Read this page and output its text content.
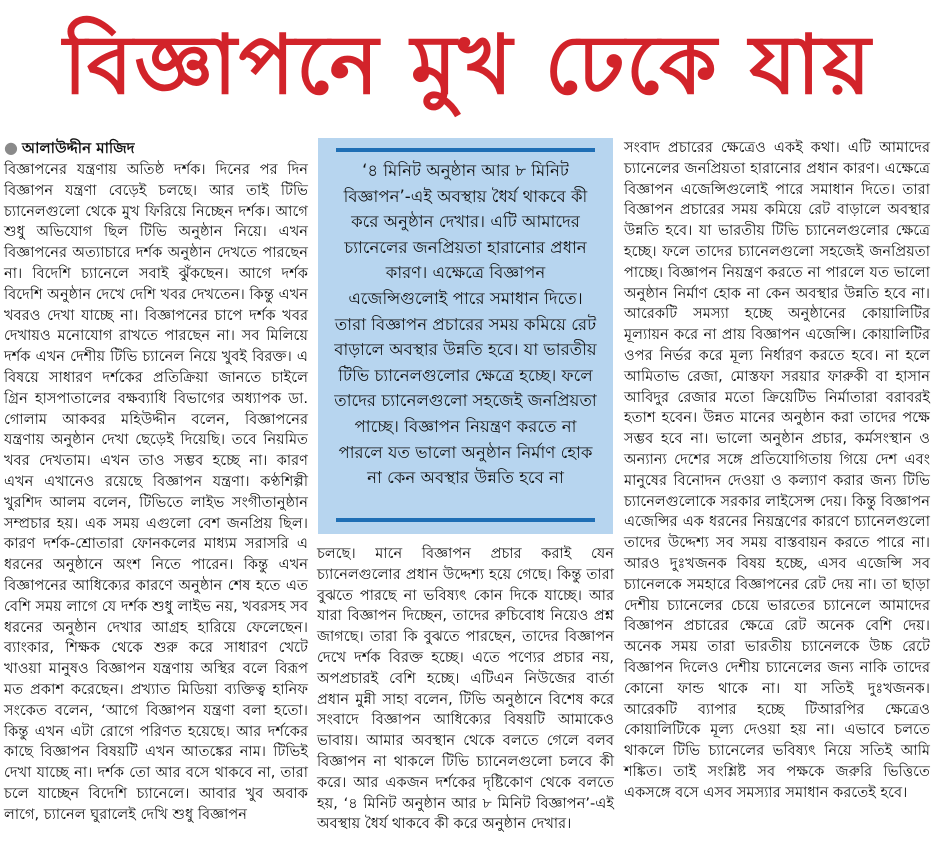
বিজ্ঞাপনে মুখ ঢেকে যায়
● আলাউদ্দীন মাজিদ

বিজ্ঞাপনের যন্ত্রণায় অতিষ্ঠ দর্শক। দিনের পর দিন বিজ্ঞাপন যন্ত্রণা বেড়েই চলছে। আর তাই টিভি চ্যানেলগুলো থেকে মুখ ফিরিয়ে নিচ্ছেন দর্শক। আগে শুধু অভিযোগ ছিল টিভি অনুষ্ঠান নিয়ে। এখন বিজ্ঞাপনের অত্যাচারে দর্শক অনুষ্ঠান দেখতে পারছেন না। বিদেশি চ্যানেলে সবাই ঝুঁকছেন। আগে দর্শক বিদেশি অনুষ্ঠান দেখে দেশি খবর দেখতেন। কিন্তু এখন খবরও দেখা যাচ্ছে না। বিজ্ঞাপনের চাপে দর্শক খবর দেখায়ও মনোযোগ রাখতে পারছেন না। সব মিলিয়ে দর্শক এখন দেশীয় টিভি চ্যানেল নিয়ে খুবই বিরক্ত। এ বিষয়ে সাধারণ দর্শকের প্রতিক্রিয়া জানতে চাইলে গ্রিন হাসপাতালের বক্ষব্যাধি বিভাগের অধ্যাপক ডা. গোলাম আকবর মহিউদ্দীন বলেন, বিজ্ঞাপনের যন্ত্রণায় অনুষ্ঠান দেখা ছেড়েই দিয়েছি। তবে নিয়মিত খবর দেখতাম। এখন তাও সম্ভব হচ্ছে না। কারণ এখন এখানেও রয়েছে বিজ্ঞাপন যন্ত্রণা। কণ্ঠশিল্পী খুরশিদ আলম বলেন, টিভিতে লাইভ সংগীতানুষ্ঠান সম্প্রচার হয়। এক সময় এগুলো বেশ জনপ্রিয় ছিল। কারণ দর্শক-শ্রোতারা ফোনকলের মাধ্যম সরাসরি এ ধরনের অনুষ্ঠানে অংশ নিতে পারেন। কিন্তু এখন বিজ্ঞাপনের আধিক্যের কারণে অনুষ্ঠান শেষ হতে এত বেশি সময় লাগে যে দর্শক শুধু লাইভ নয়, খবরসহ সব ধরনের অনুষ্ঠান দেখার আগ্রহ হারিয়ে ফেলেছেন। ব্যাংকার, শিক্ষক থেকে শুরু করে সাধারণ খেটে খাওয়া মানুষও বিজ্ঞাপন যন্ত্রণায় অস্থির বলে বিরূপ মত প্রকাশ করেছেন। প্রখ্যাত মিডিয়া ব্যক্তিত্ব হানিফ সংকেত বলেন, ‘আগে বিজ্ঞাপন যন্ত্রণা বলা হতো। কিন্তু এখন এটা রোগে পরিণত হয়েছে। আর দর্শকের কাছে বিজ্ঞাপন বিষয়টি এখন আতঙ্কের নাম। টিভিই দেখা যাচ্ছে না। দর্শক তো আর বসে থাকবে না, তারা চলে যাচ্ছেন বিদেশি চ্যানেলে। আবার খুব অবাক লাগে, চ্যানেল ঘুরালেই দেখি শুধু বিজ্ঞাপন

‘৪ মিনিট অনুষ্ঠান আর ৮ মিনিট বিজ্ঞাপন’-এই অবস্থায় ধৈর্য থাকবে কী করে অনুষ্ঠান দেখার। এটি আমাদের চ্যানেলের জনপ্রিয়তা হারানোর প্রধান কারণ। এক্ষেত্রে বিজ্ঞাপন এজেন্সিগুলোই পারে সমাধান দিতে। তারা বিজ্ঞাপন প্রচারের সময় কমিয়ে রেট বাড়ালে অবস্থার উন্নতি হবে। যা ভারতীয় টিভি চ্যানেলগুলোর ক্ষেত্রে হচ্ছে। ফলে তাদের চ্যানেলগুলো সহজেই জনপ্রিয়তা পাচ্ছে। বিজ্ঞাপন নিয়ন্ত্রণ করতে না পারলে যত ভালো অনুষ্ঠান নির্মাণ হোক না কেন অবস্থার উন্নতি হবে না

চলছে। মানে বিজ্ঞাপন প্রচার করাই যেন চ্যানেলগুলোর প্রধান উদ্দেশ্য হয়ে গেছে। কিন্তু তারা বুঝতে পারছে না ভবিষ্যৎ কোন দিকে যাচ্ছে। আর যারা বিজ্ঞাপন দিচ্ছেন, তাদের রুচিবোধ নিয়েও প্রশ্ন জাগছে। তারা কি বুঝতে পারছেন, তাদের বিজ্ঞাপন দেখে দর্শক বিরক্ত হচ্ছে। এতে পণ্যের প্রচার নয়, অপপ্রচারই বেশি হচ্ছে। এটিএন নিউজের বার্তা প্রধান মুন্নী সাহা বলেন, টিভি অনুষ্ঠানে বিশেষ করে সংবাদে বিজ্ঞাপন আধিক্যের বিষয়টি আমাকেও ভাবায়। আমার অবস্থান থেকে বলতে গেলে বলব বিজ্ঞাপন না থাকলে টিভি চ্যানেলগুলো চলবে কী করে। আর একজন দর্শকের দৃষ্টিকোণ থেকে বলতে হয়, ‘৪ মিনিট অনুষ্ঠান আর ৮ মিনিট বিজ্ঞাপন’-এই অবস্থায় ধৈর্য থাকবে কী করে অনুষ্ঠান দেখার।

সংবাদ প্রচারের ক্ষেত্রেও একই কথা। এটি আমাদের চ্যানেলের জনপ্রিয়তা হারানোর প্রধান কারণ। এক্ষেত্রে বিজ্ঞাপন এজেন্সিগুলোই পারে সমাধান দিতে। তারা বিজ্ঞাপন প্রচারের সময় কমিয়ে রেট বাড়ালে অবস্থার উন্নতি হবে। যা ভারতীয় টিভি চ্যানেলগুলোর ক্ষেত্রে হচ্ছে। ফলে তাদের চ্যানেলগুলো সহজেই জনপ্রিয়তা পাচ্ছে। বিজ্ঞাপন নিয়ন্ত্রণ করতে না পারলে যত ভালো অনুষ্ঠান নির্মাণ হোক না কেন অবস্থার উন্নতি হবে না। আরেকটি সমস্যা হচ্ছে অনুষ্ঠানের কোয়ালিটির মূল্যায়ন করে না প্রায় বিজ্ঞাপন এজেন্সি। কোয়ালিটির ওপর নির্ভর করে মূল্য নির্ধারণ করতে হবে। না হলে আমিতাভ রেজা, মোস্তফা সরয়ার ফারুকী বা হাসান আবিদুর রেজার মতো ক্রিয়েটিভ নির্মাতারা বরাবরই হতাশ হবেন। উন্নত মানের অনুষ্ঠান করা তাদের পক্ষে সম্ভব হবে না। ভালো অনুষ্ঠান প্রচার, কর্মসংস্থান ও অন্যান্য দেশের সঙ্গে প্রতিযোগিতায় গিয়ে দেশ এবং মানুষের বিনোদন দেওয়া ও কল্যাণ করার জন্য টিভি চ্যানেলগুলোকে সরকার লাইসেন্স দেয়। কিন্তু বিজ্ঞাপন এজেন্সির এক ধরনের নিয়ন্ত্রণের কারণে চ্যানেলগুলো তাদের উদ্দেশ্য সব সময় বাস্তবায়ন করতে পারে না। আরও দুঃখজনক বিষয় হচ্ছে, এসব এজেন্সি সব চ্যানেলকে সমহারে বিজ্ঞাপনের রেট দেয় না। তা ছাড়া দেশীয় চ্যানেলের চেয়ে ভারতের চ্যানেলে আমাদের বিজ্ঞাপন প্রচারের ক্ষেত্রে রেট অনেক বেশি দেয়। অনেক সময় তারা ভারতীয় চ্যানেলকে উচ্চ রেটে বিজ্ঞাপন দিলেও দেশীয় চ্যানেলের জন্য নাকি তাদের কোনো ফান্ড থাকে না। যা সতিই দুঃখজনক। আরেকটি ব্যাপার হচ্ছে টিআরপির ক্ষেত্রেও কোয়ালিটিকে মূল্য দেওয়া হয় না। এভাবে চলতে থাকলে টিভি চ্যানেলের ভবিষ্যৎ নিয়ে সতিই আমি শঙ্কিত। তাই সংশ্লিষ্ট সব পক্ষকে জরুরি ভিত্তিতে একসঙ্গে বসে এসব সমস্যার সমাধান করতেই হবে।
